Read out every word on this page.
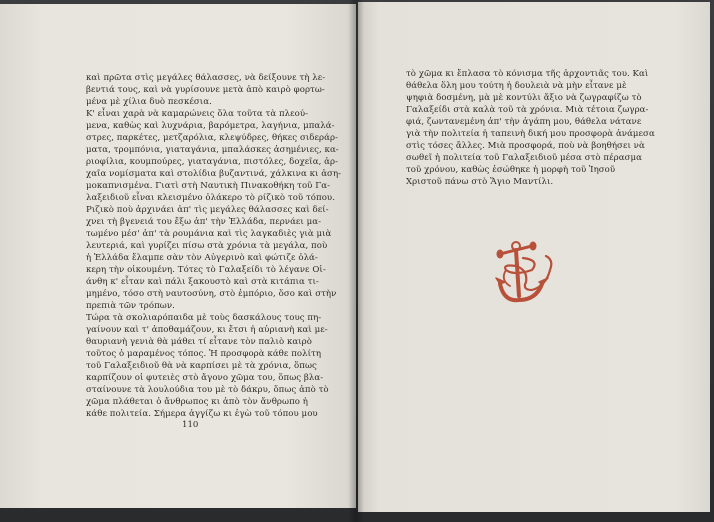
καὶ πρῶτα στὶς μεγάλες θάλασσες, νὰ δείξουνε τὴ λε-
βεντιά τους, καὶ νὰ γυρίσουνε μετὰ ἀπὸ καιρὸ φορτω-
μένα μὲ χίλια δυὸ πεσκέσια.
Κ' εἶναι χαρὰ νὰ καμαρώνεις ὅλα τοῦτα τὰ πλεού-
μενα, καθὼς καὶ λυχνάρια, βαρόμετρα, λαγήνια, μπαλά-
στρες, παρκέτες, μετζαρόλια, κλεψύδρες, θήκες σιδεράρ-
ματα, τρομπόνια, γιαταγάνια, μπαλάσκες ἀσημένιες, κα-
ριοφίλια, κουμπούρες, γιαταγάνια, πιστόλες, δοχεῖα, ἀρ-
χαῖα νομίσματα καὶ στολίδια βυζαντινά, χάλκινα κι ἀση-
μοκαπνισμένα. Γιατὶ στὴ Ναυτικὴ Πινακοθήκη τοῦ Γα-
λαξειδιοῦ εἶναι κλεισμένο ὁλάκερο τὸ ρίζικὸ τοῦ τόπου.
Ριζικὸ ποὺ ἀρχινάει ἀπ' τὶς μεγάλες θάλασσες καὶ δεί-
χνει τὴ βγενειά του ἔξω ἀπ' τὴν Ἑλλάδα, περνάει μα-
τωμένο μέσ' ἀπ' τὰ ρουμάνια καὶ τὶς λαγκαδιὲς γιὰ μιὰ
λευτεριά, καὶ γυρίζει πίσω στὰ χρόνια τὰ μεγάλα, ποὺ
ἡ Ἑλλάδα ἔλαμπε σὰν τὸν Αὐγερινὸ καὶ φώτιζε ὁλά-
κερη τὴν οἰκουμένη. Τότες τὸ Γαλαξείδι τὸ λέγανε Οἰ-
άνθη κ' εἶταν καὶ πάλι ξακουστὸ καὶ στὰ κιτάπια τι-
μημένο, τόσο στὴ ναυτοσύνη, στὸ ἐμπόριο, ὅσο καὶ στὴν
πρεπιὰ τῶν τρόπων.
Τώρα τὰ σκολιαρόπαιδα μὲ τοὺς δασκάλους τους πη-
γαίνουν καὶ τ' ἀποθαμάζουν, κι ἔτσι ἡ αὐριανὴ καὶ με-
θαυριανὴ γενιὰ θὰ μάθει τί εἶτανε τὸν παλιὸ καιρὸ
τοῦτος ὁ μαραμένος τόπος. Ἡ προσφορὰ κάθε πολίτη
τοῦ Γαλαξειδιοῦ θὰ νὰ καρπίσει μὲ τὰ χρόνια, ὅπως
καρπίζουν οἱ φυτειὲς στὸ ἄγονο χῶμα του, ὅπως βλα-
σταίνουνε τὰ λουλούδια του μὲ τὸ δάκρυ, ὅπως ἀπὸ τὸ
χῶμα πλάθεται ὁ ἄνθρωπος κι ἀπὸ τὸν ἄνθρωπο ἡ
κάθε πολιτεία. Σήμερα ἀγγίζω κι ἐγὼ τοῦ τόπου μου
110
τὸ χῶμα κι ἔπλασα τὸ κόνισμα τῆς ἀρχοντιᾶς του. Καὶ
θάθελα ὅλη μου τούτη ἡ δουλειὰ νὰ μὴν εἶτανε μὲ
ψηφιὰ δοσμένη, μὰ μὲ κοντύλι ἄξιο νὰ ζωγραφίζω τὸ
Γαλαξείδι στὰ καλὰ τοῦ τὰ χρόνια. Μιὰ τέτοια ζωγρα-
φιά, ζωντανεμένη ἀπ' τὴν ἀγάπη μου, θάθελα νάτανε
γιὰ τὴν πολιτεία ἡ ταπεινὴ δική μου προσφορὰ ἀνάμεσα
στὶς τόσες ἄλλες. Μιὰ προσφορά, ποὺ νὰ βοηθήσει νὰ
σωθεῖ ἡ πολιτεία τοῦ Γαλαξειδιοῦ μέσα στὸ πέρασμα
τοῦ χρόνου, καθὼς ἐσώθηκε ἡ μορφὴ τοῦ Ἰησοῦ
Χριστοῦ πάνω στὸ Ἅγιο Μαντίλι.
